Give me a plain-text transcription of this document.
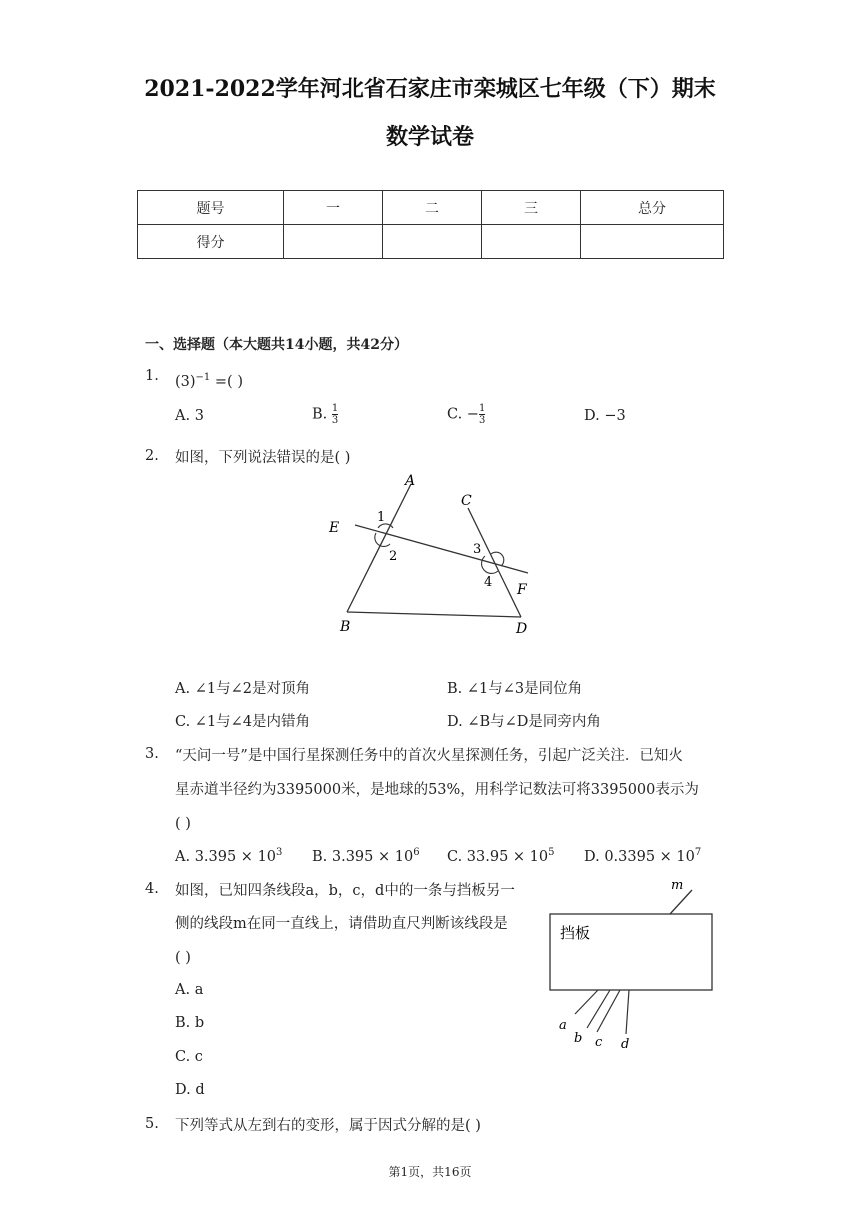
2021-2022学年河北省石家庄市栾城区七年级（下）期末
数学试卷
题号	一	二	三	总分
得分				
一、选择题（本大题共14小题，共42分）
1. $(3)^{-1}$ =( )
A. 3	B. $\frac{1}{3}$	C. − $\frac{1}{3}$	D. −3
2. 如图，下列说法错误的是( )
A
C
E
F
B	D
1
2	3
4
A. ∠1与∠2是对顶角	B. ∠1与∠3是同位角
C. ∠1与∠4是内错角	D. ∠B与∠D是同旁内角
3. “天问一号”是中国行星探测任务中的首次火星探测任务，引起广泛关注．已知火
星赤道半径约为3395000米，是地球的53%，用科学记数法可将3395000表示为
( )
A. $3.395 \times 10^3$ B. $3.395 \times 10^6$ C. $33.95 \times 10^5$ D. $0.3395 \times 10^7$
4. 如图，已知四条线段a，b，c，d中的一条与挡板另一
侧的线段m在同一直线上，请借助直尺判断该线段是
( )
A. a
B. b
C. c
D. d
挡板
m
a
b c d
5. 下列等式从左到右的变形，属于因式分解的是( )
第1页，共16页
